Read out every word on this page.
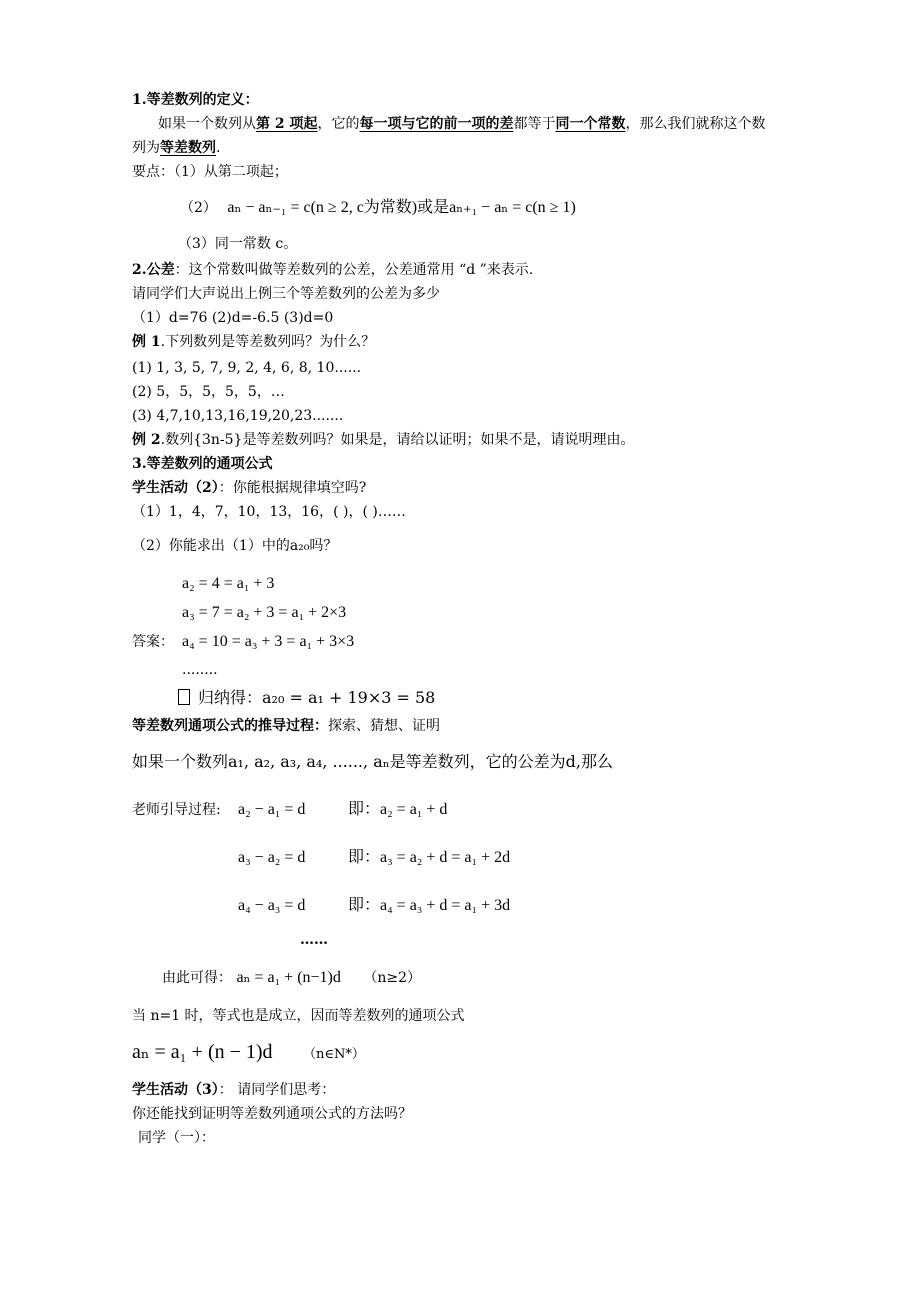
1.等差数列的定义：
如果一个数列从第 2 项起，它的每一项与它的前一项的差都等于同一个常数，那么我们就称这个数
列为等差数列.
要点：（1）从第二项起；
（2） aₙ − aₙ₋₁ = c(n ≥ 2, c为常数)或是aₙ₊₁ − aₙ = c(n ≥ 1)
（3）同一常数 c。
2.公差：这个常数叫做等差数列的公差，公差通常用 “d ”来表示.
请同学们大声说出上例三个等差数列的公差为多少
（1）d=76 (2)d=-6.5 (3)d=0
例 1.下列数列是等差数列吗？为什么？
(1) 1, 3, 5, 7, 9, 2, 4, 6, 8, 10......
(2) 5，5，5，5，5，…
(3) 4,7,10,13,16,19,20,23.......
例 2.数列{3n-5}是等差数列吗？如果是，请给以证明；如果不是，请说明理由。
3.等差数列的通项公式
学生活动（2）：你能根据规律填空吗?
（1）1，4，7，10，13，16，( )，( )……
（2）你能求出（1）中的a₂₀吗？
a₂ = 4 = a₁ + 3
a₃ = 7 = a₂ + 3 = a₁ + 2×3
答案： a₄ = 10 = a₃ + 3 = a₁ + 3×3
........
归纳得：a₂₀ = a₁ + 19×3 = 58
等差数列通项公式的推导过程：探索、猜想、证明
如果一个数列a₁, a₂, a₃, a₄, ......, aₙ是等差数列，它的公差为d,那么
老师引导过程: a₂ − a₁ = d	即：a₂ = a₁ + d
a₃ − a₂ = d	即：a₃ = a₂ + d = a₁ + 2d
a₄ − a₃ = d	即：a₄ = a₃ + d = a₁ + 3d
……
由此可得： aₙ = a₁ + (n−1)d （n≥2）
当 n=1 时，等式也是成立，因而等差数列的通项公式
aₙ = a₁ + (n − 1)d （n∈N*）
学生活动（3）： 请同学们思考：
你还能找到证明等差数列通项公式的方法吗？
同学（一）：
